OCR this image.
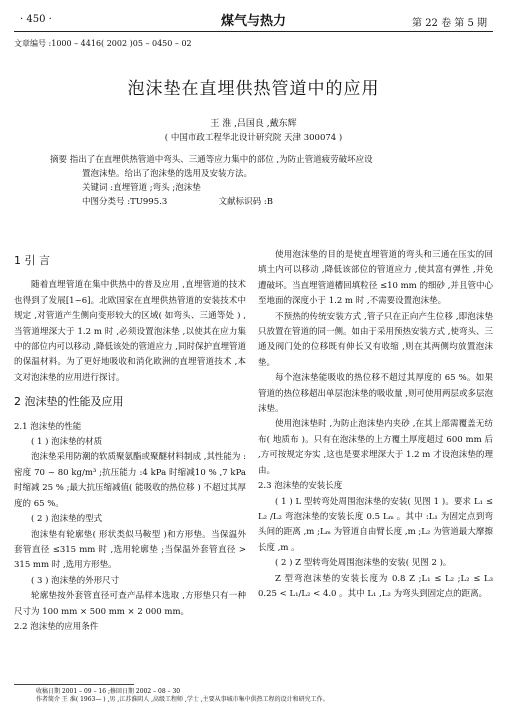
· 450 ·	煤气与热力	第 22 卷 第 5 期
文章编号 :1000 – 4416( 2002 )05 – 0450 – 02
泡沫垫在直埋供热管道中的应用
王 淮 ,吕国良 ,戴东辉
( 中国市政工程华北设计研究院 天津 300074 )
摘要 指出了在直埋供热管道中弯头、三通等应力集中的部位 ,为防止管道疲劳破坏应设
置泡沫垫。给出了泡沫垫的选用及安装方法。
关键词 :直埋管道 ;弯头 ;泡沫垫
中图分类号 :TU995.3	文献标识码 :B
1 引 言

随着直埋管道在集中供热中的普及应用 ,直埋管道的技术也得到了发展[1~6]。北欧国家在直埋供热管道的安装技术中规定 ,对管道产生侧向变形较大的区域( 如弯头、三通等处 ) ,当管道埋深大于 1.2 m 时 ,必须设置泡沫垫 ,以使其在应力集中的部位内可以移动 ,降低该处的管道应力 ,同时保护直埋管道的保温材料。为了更好地吸收和消化欧洲的直埋管道技术 ,本文对泡沫垫的应用进行探讨。

2 泡沫垫的性能及应用

2.1 泡沫垫的性能

( 1 ) 泡沫垫的材质

泡沫垫采用防潮的软质聚氨酯或聚醚材料制成 ,其性能为 :密度 70 ~ 80 kg/m³ ;抗压能力 :4 kPa 时缩减10 % ,7 kPa 时缩减 25 % ;最大抗压缩减值( 能吸收的热位移 ) 不超过其厚度的 65 %。

( 2 ) 泡沫垫的型式

泡沫垫有轮廓垫( 形状类似马鞍型 )和方形垫。当保温外套管直径 ≤315 mm 时 ,选用轮廓垫 ;当保温外套管直径 > 315 mm 时 ,选用方形垫。

( 3 ) 泡沫垫的外形尺寸

轮廓垫按外套管直径可查产品样本选取 ,方形垫只有一种尺寸为 100 mm × 500 mm × 2 000 mm。

2.2 泡沫垫的应用条件

使用泡沫垫的目的是使直埋管道的弯头和三通在压实的回填土内可以移动 ,降低该部位的管道应力 ,使其富有弹性 ,并免遭破坏。当直埋管道槽回填粒径 ≤10 mm 的细砂 ,并且管中心至地面的深度小于 1.2 m 时 ,不需要设置泡沫垫。

不预热的传统安装方式 ,管子只在正向产生位移 ,即泡沫垫只放置在管道的同一侧。如由于采用预热安装方式 ,使弯头、三通及阀门处的位移既有伸长又有收缩 ,则在其两侧均放置泡沫垫。

每个泡沫垫能吸收的热位移不超过其厚度的 65 %。如果管道的热位移超出单层泡沫垫的吸收量 ,则可使用两层或多层泡沫垫。

使用泡沫垫时 ,为防止泡沫垫内夹砂 ,在其上部需覆盖无纺布( 地质布 )。只有在泡沫垫的上方覆土厚度超过 600 mm 后 ,方可按规定夯实 ,这也是要求埋深大于 1.2 m 才设泡沫垫的理由。

2.3 泡沫垫的安装长度

( 1 ) L 型转弯处周围泡沫垫的安装( 见图 1 )。要求 L₁ ≤ L₂ /L₂ 弯泡沫垫的安装长度 0.5 Lₘ 。其中 :L₁ 为固定点到弯头间的距离 ,m ;Lₘ 为管道自由臂长度 ,m ;L₂ 为管道最大摩擦长度 ,m 。

( 2 ) Z 型转弯处周围泡沫垫的安装( 见图 2 )。

Z 型弯泡沫垫的安装长度为 0.8 Z ;L₁ ≤ L₂ ;L₂ ≤ L₃ 0.25 < L₁/L₂ < 4.0 。其中 L₁ ,L₂ 为弯头到固定点的距离。

收稿日期 2001 – 09 – 16 ;修回日期 2002 – 08 – 30
作者简介 王 淮( 1963— ) ,男 ,江苏淮阴人 ,高级工程师 ,学士 ,主要从事城市集中供热工程的设计和研究工作。
